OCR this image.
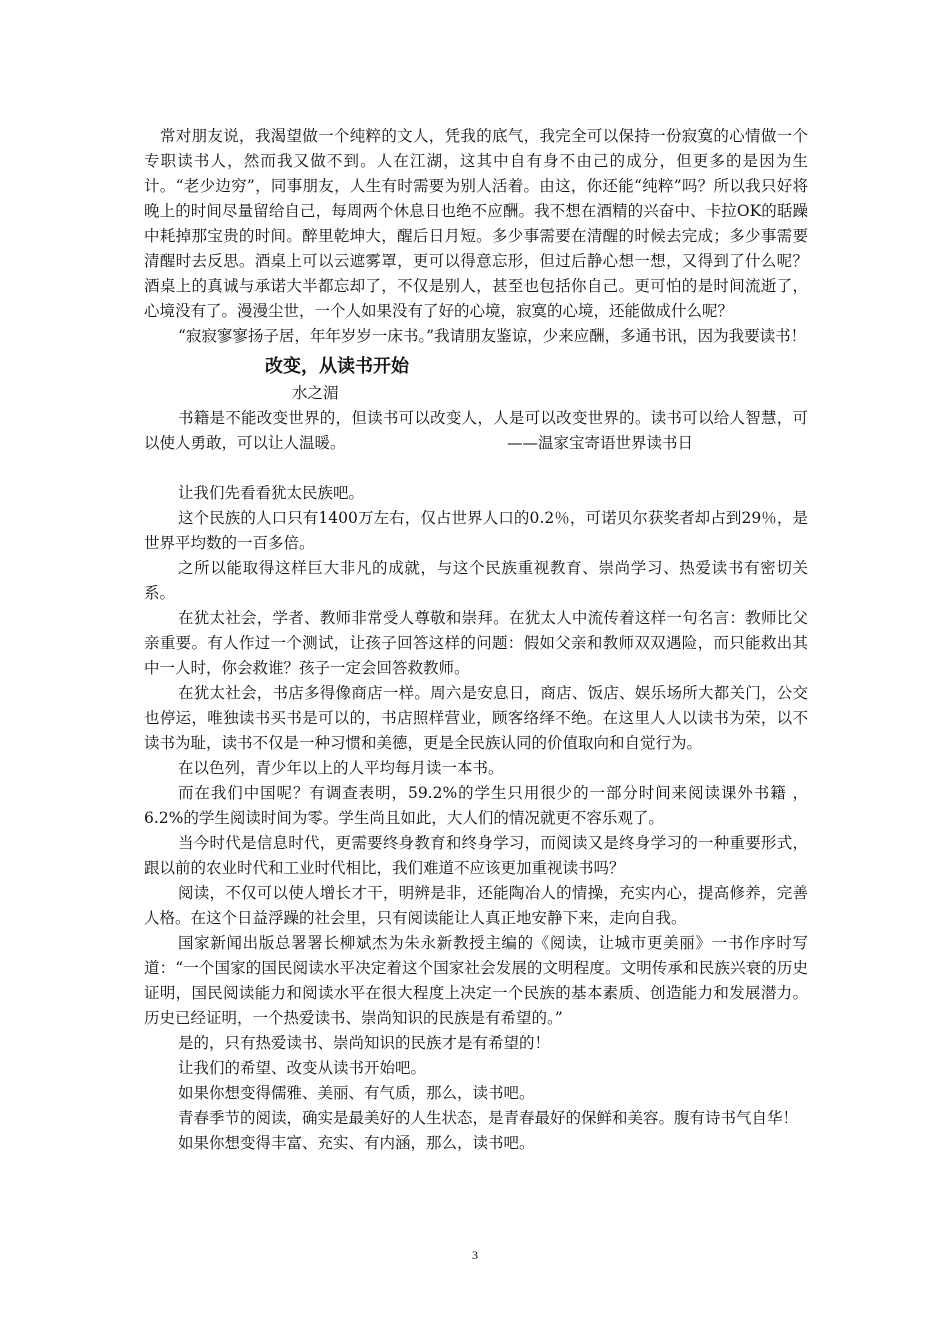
常对朋友说，我渴望做一个纯粹的文人，凭我的底气，我完全可以保持一份寂寞的心情做一个专职读书人，然而我又做不到。人在江湖，这其中自有身不由己的成分，但更多的是因为生计。“老少边穷”，同事朋友，人生有时需要为别人活着。由这，你还能“纯粹”吗？所以我只好将晚上的时间尽量留给自己，每周两个休息日也绝不应酬。我不想在酒精的兴奋中、卡拉OK的聒躁中耗掉那宝贵的时间。醉里乾坤大，醒后日月短。多少事需要在清醒的时候去完成；多少事需要清醒时去反思。酒桌上可以云遮雾罩，更可以得意忘形，但过后静心想一想，又得到了什么呢？酒桌上的真诚与承诺大半都忘却了，不仅是别人，甚至也包括你自己。更可怕的是时间流逝了，心境没有了。漫漫尘世，一个人如果没有了好的心境，寂寞的心境，还能做成什么呢？

“寂寂寥寥扬子居，年年岁岁一床书。”我请朋友鉴谅，少来应酬，多通书讯，因为我要读书！

改变，从读书开始
水之湄

书籍是不能改变世界的，但读书可以改变人，人是可以改变世界的。读书可以给人智慧，可以使人勇敢，可以让人温暖。	——温家宝寄语世界读书日

让我们先看看犹太民族吧。

这个民族的人口只有1400万左右，仅占世界人口的0.2％，可诺贝尔获奖者却占到29％，是世界平均数的一百多倍。

之所以能取得这样巨大非凡的成就，与这个民族重视教育、崇尚学习、热爱读书有密切关系。

在犹太社会，学者、教师非常受人尊敬和崇拜。在犹太人中流传着这样一句名言：教师比父亲重要。有人作过一个测试，让孩子回答这样的问题：假如父亲和教师双双遇险，而只能救出其中一人时，你会救谁？孩子一定会回答救教师。

在犹太社会，书店多得像商店一样。周六是安息日，商店、饭店、娱乐场所大都关门，公交也停运，唯独读书买书是可以的，书店照样营业，顾客络绎不绝。在这里人人以读书为荣，以不读书为耻，读书不仅是一种习惯和美德，更是全民族认同的价值取向和自觉行为。

在以色列，青少年以上的人平均每月读一本书。

而在我们中国呢？有调查表明，59.2%的学生只用很少的一部分时间来阅读课外书籍 ，6.2%的学生阅读时间为零。学生尚且如此，大人们的情况就更不容乐观了。

当今时代是信息时代，更需要终身教育和终身学习，而阅读又是终身学习的一种重要形式，跟以前的农业时代和工业时代相比，我们难道不应该更加重视读书吗？

阅读，不仅可以使人增长才干，明辨是非，还能陶冶人的情操，充实内心，提高修养，完善人格。在这个日益浮躁的社会里，只有阅读能让人真正地安静下来，走向自我。

国家新闻出版总署署长柳斌杰为朱永新教授主编的《阅读，让城市更美丽》一书作序时写道：“一个国家的国民阅读水平决定着这个国家社会发展的文明程度。文明传承和民族兴衰的历史证明，国民阅读能力和阅读水平在很大程度上决定一个民族的基本素质、创造能力和发展潜力。历史已经证明，一个热爱读书、崇尚知识的民族是有希望的。”

是的，只有热爱读书、崇尚知识的民族才是有希望的！

让我们的希望、改变从读书开始吧。

如果你想变得儒雅、美丽、有气质，那么，读书吧。

青春季节的阅读，确实是最美好的人生状态，是青春最好的保鲜和美容。腹有诗书气自华！

如果你想变得丰富、充实、有内涵，那么，读书吧。

3
